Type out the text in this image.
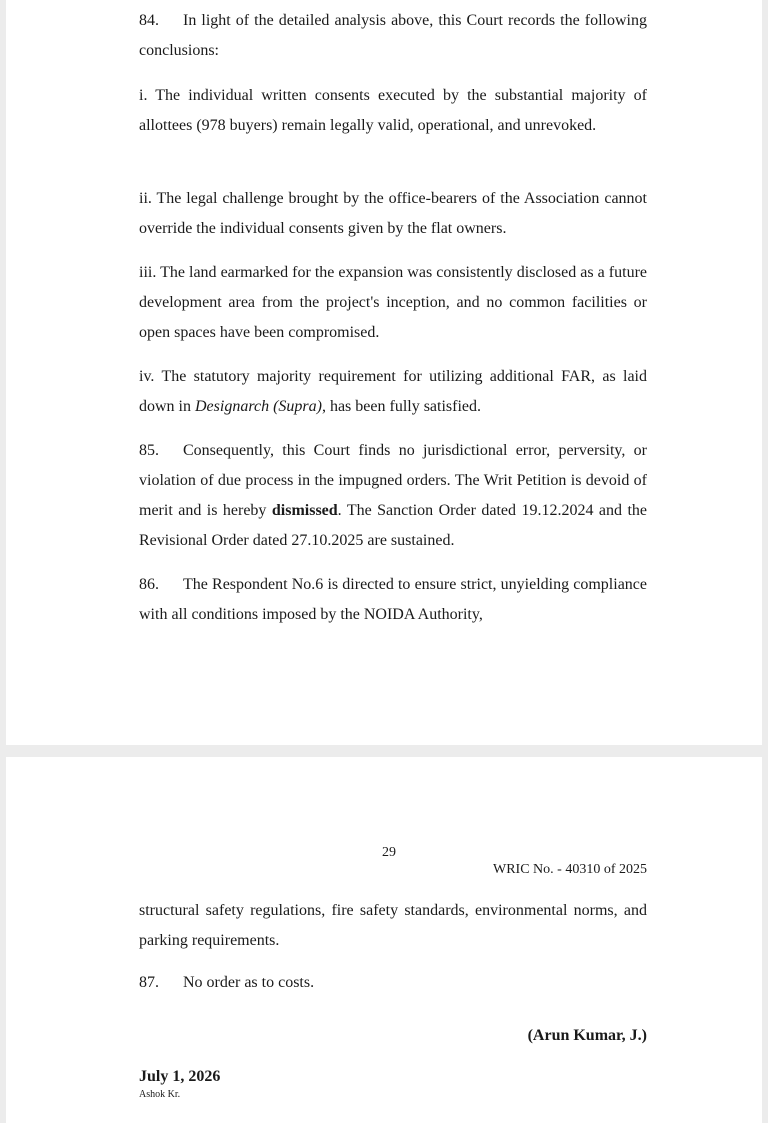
84. In light of the detailed analysis above, this Court records the following conclusions:

i. The individual written consents executed by the substantial majority of allottees (978 buyers) remain legally valid, operational, and unrevoked.

ii. The legal challenge brought by the office-bearers of the Association cannot override the individual consents given by the flat owners.

iii. The land earmarked for the expansion was consistently disclosed as a future development area from the project's inception, and no common facilities or open spaces have been compromised.

iv. The statutory majority requirement for utilizing additional FAR, as laid down in Designarch (Supra), has been fully satisfied.

85. Consequently, this Court finds no jurisdictional error, perversity, or violation of due process in the impugned orders. The Writ Petition is devoid of merit and is hereby dismissed. The Sanction Order dated 19.12.2024 and the Revisional Order dated 27.10.2025 are sustained.

86. The Respondent No.6 is directed to ensure strict, unyielding compliance with all conditions imposed by the NOIDA Authority,

29
WRIC No. - 40310 of 2025

structural safety regulations, fire safety standards, environmental norms, and parking requirements.

87. No order as to costs.

(Arun Kumar, J.)
July 1, 2026
Ashok Kr.
